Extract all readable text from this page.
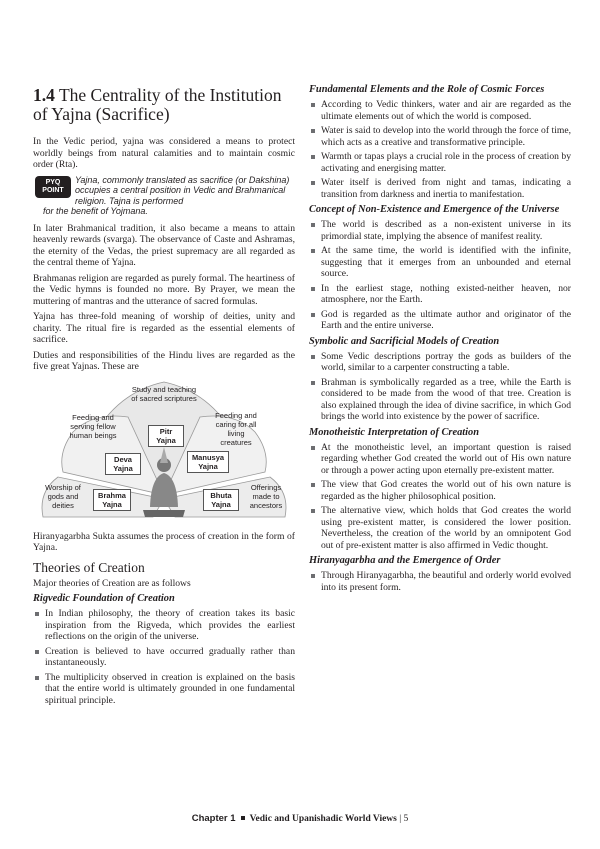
1.4 The Centrality of the Institution of Yajna (Sacrifice)

In the Vedic period, yajna was considered a means to protect worldly beings from natural calamities and to maintain cosmic order (Rta).

PYQ
POINT
Yajna, commonly translated as sacrifice (or Dakshina) occupies a central position in Vedic and Brahmanical religion. Tajna is performed
for the benefit of Yojmana.

In later Brahmanical tradition, it also became a means to attain heavenly rewards (svarga). The observance of Caste and Ashramas, the eternity of the Vedas, the priest supremacy are all regarded as the central theme of Yajna.

Brahmanas religion are regarded as purely formal. The heartiness of the Vedic hymns is founded no more. By Prayer, we mean the muttering of mantras and the utterance of sacred formulas.

Yajna has three-fold meaning of worship of deities, unity and charity. The ritual fire is regarded as the essential elements of sacrifice.

Duties and responsibilities of the Hindu lives are regarded as the five great Yajnas. These are

Study and teaching of sacred scriptures
Feeding and serving fellow human beings
Feeding and caring for all living creatures
Worship of gods and deities
Offerings made to ancestors
Pitr Yajna
Deva Yajna
Manusya Yajna
Brahma Yajna
Bhuta Yajna

Hiranyagarbha Sukta assumes the process of creation in the form of Yajna.

Theories of Creation

Major theories of Creation are as follows

Rigvedic Foundation of Creation
In Indian philosophy, the theory of creation takes its basic inspiration from the Rigveda, which provides the earliest reflections on the origin of the universe.
Creation is believed to have occurred gradually rather than instantaneously.
The multiplicity observed in creation is explained on the basis that the entire world is ultimately grounded in one fundamental spiritual principle.
Fundamental Elements and the Role of Cosmic Forces
According to Vedic thinkers, water and air are regarded as the ultimate elements out of which the world is composed.
Water is said to develop into the world through the force of time, which acts as a creative and transformative principle.
Warmth or tapas plays a crucial role in the process of creation by activating and energising matter.
Water itself is derived from night and tamas, indicating a transition from darkness and inertia to manifestation.
Concept of Non-Existence and Emergence of the Universe
The world is described as a non-existent universe in its primordial state, implying the absence of manifest reality.
At the same time, the world is identified with the infinite, suggesting that it emerges from an unbounded and eternal source.
In the earliest stage, nothing existed-neither heaven, nor atmosphere, nor the Earth.
God is regarded as the ultimate author and originator of the Earth and the entire universe.
Symbolic and Sacrificial Models of Creation
Some Vedic descriptions portray the gods as builders of the world, similar to a carpenter constructing a table.
Brahman is symbolically regarded as a tree, while the Earth is considered to be made from the wood of that tree. Creation is also explained through the idea of divine sacrifice, in which God brings the world into existence by the power of sacrifice.
Monotheistic Interpretation of Creation
At the monotheistic level, an important question is raised regarding whether God created the world out of His own nature or through a power acting upon eternally pre-existent matter.
The view that God creates the world out of his own nature is regarded as the higher philosophical position.
The alternative view, which holds that God creates the world using pre-existent matter, is considered the lower position. Nevertheless, the creation of the world by an omnipotent God out of pre-existent matter is also affirmed in Vedic thought.
Hiranyagarbha and the Emergence of Order
Through Hiranyagarbha, the beautiful and orderly world evolved into its present form.
Chapter 1 Vedic and Upanishadic World Views | 5
